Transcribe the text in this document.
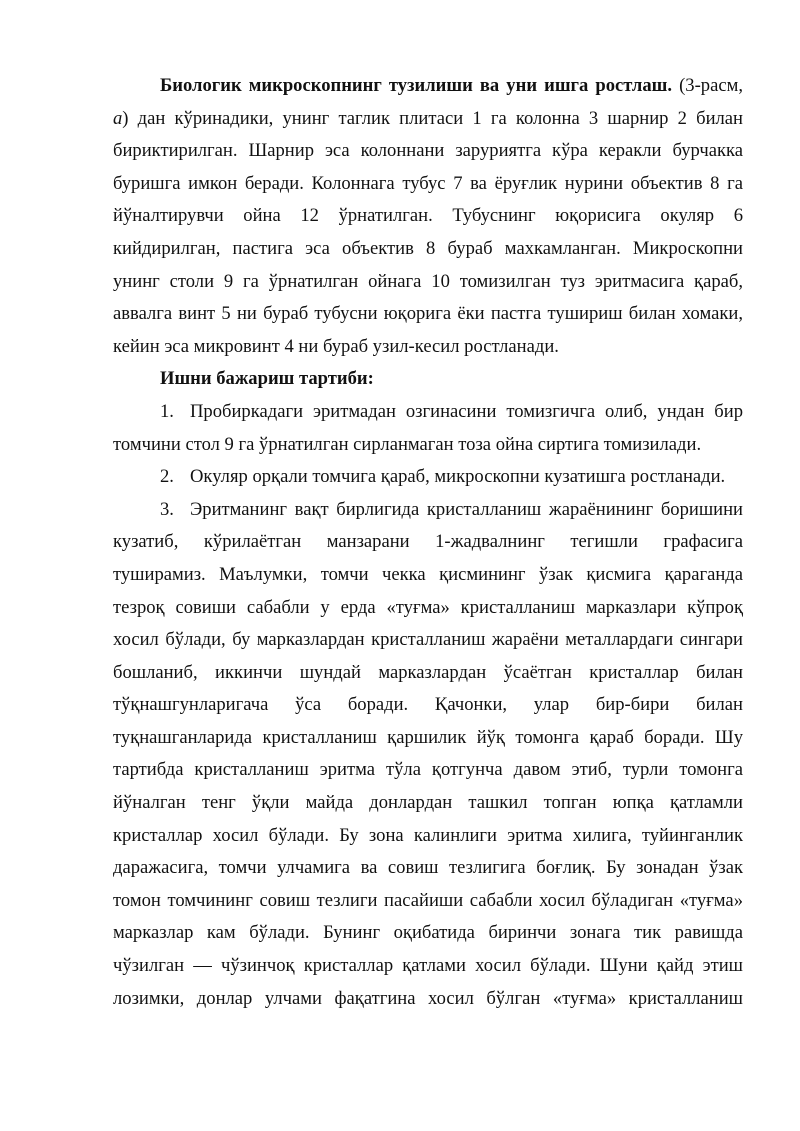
Биологик микроскопнинг тузилиши ва уни ишга ростлаш. (3-расм,
а) дан кўринадики, унинг таглик плитаси 1 га колонна 3 шарнир 2 билан
бириктирилган. Шарнир эса колоннани заруриятга кўра керакли бурчакка
буришга имкон беради. Колоннага тубус 7 ва ёруғлик нурини объектив 8 га
йўналтирувчи ойна 12 ўрнатилган. Тубуснинг юқорисига окуляр 6
кийдирилган, пастига эса объектив 8 бураб махкамланган. Микроскопни
унинг столи 9 га ўрнатилган ойнага 10 томизилган туз эритмасига қараб,
аввалга винт 5 ни бураб тубусни юқорига ёки пастга тушириш билан хомаки,
кейин эса микровинт 4 ни бураб узил-кесил ростланади.
Ишни бажариш тартиби:
1. Пробиркадаги эритмадан озгинасини томизгичга олиб, ундан бир
томчини стол 9 га ўрнатилган сирланмаган тоза ойна сиртига томизилади.
2. Окуляр орқали томчига қараб, микроскопни кузатишга ростланади.
3. Эритманинг вақт бирлигида кристалланиш жараёнининг боришини
кузатиб, кўрилаётган манзарани 1-жадвалнинг тегишли графасига
туширамиз. Маълумки, томчи чекка қисмининг ўзак қисмига қараганда
тезроқ совиши сабабли у ерда «туғма» кристалланиш марказлари кўпроқ
хосил бўлади, бу марказлардан кристалланиш жараёни металлардаги сингари
бошланиб, иккинчи шундай марказлардан ўсаётган кристаллар билан
тўқнашгунларигача ўса боради. Қачонки, улар бир-бири билан
туқнашганларида кристалланиш қаршилик йўқ томонга қараб боради. Шу
тартибда кристалланиш эритма тўла қотгунча давом этиб, турли томонга
йўналган тенг ўқли майда донлардан ташкил топган юпқа қатламли
кристаллар хосил бўлади. Бу зона калинлиги эритма хилига, туйинганлик
даражасига, томчи улчамига ва совиш тезлигига боғлиқ. Бу зонадан ўзак
томон томчининг совиш тезлиги пасайиши сабабли хосил бўладиган «туғма»
марказлар кам бўлади. Бунинг оқибатида биринчи зонага тик равишда
чўзилган — чўзинчоқ кристаллар қатлами хосил бўлади. Шуни қайд этиш
лозимки, донлар улчами фақатгина хосил бўлган «туғма» кристалланиш
